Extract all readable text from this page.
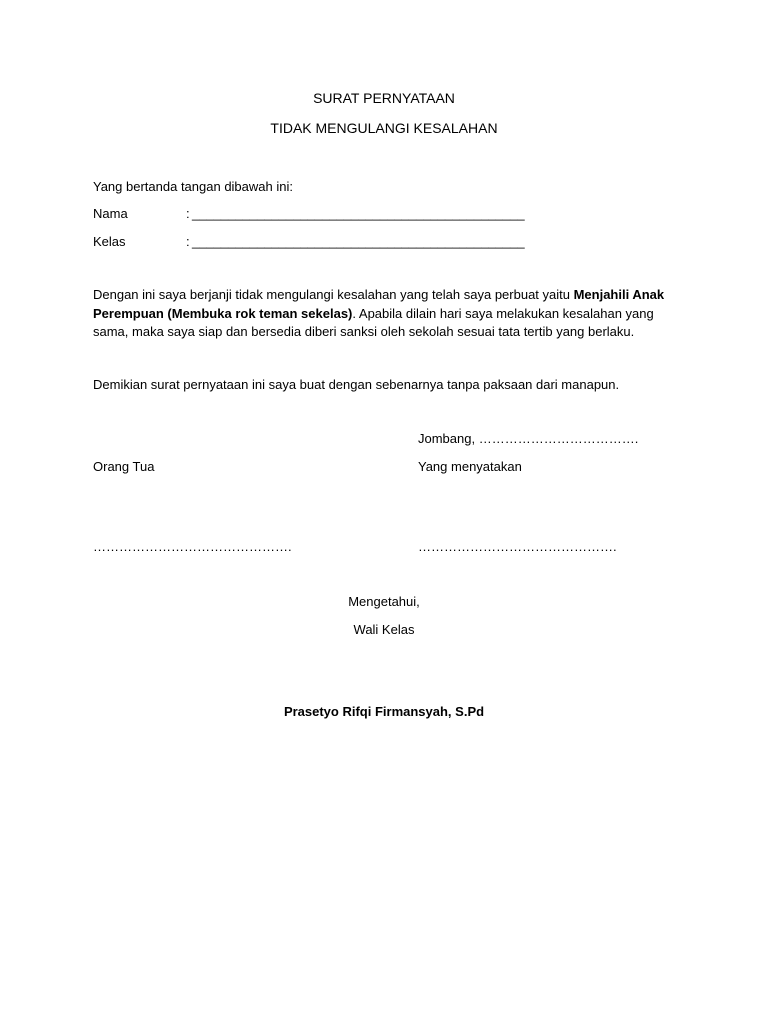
SURAT PERNYATAAN
TIDAK MENGULANGI KESALAHAN
Yang bertanda tangan dibawah ini:
Nama	: ______________________________________________
Kelas	: ______________________________________________
Dengan ini saya berjanji tidak mengulangi kesalahan yang telah saya perbuat yaitu Menjahili Anak Perempuan (Membuka rok teman sekelas). Apabila dilain hari saya melakukan kesalahan yang sama, maka saya siap dan bersedia diberi sanksi oleh sekolah sesuai tata tertib yang berlaku.
Demikian surat pernyataan ini saya buat dengan sebenarnya tanpa paksaan dari manapun.
Jombang, ……………………………….
Orang Tua	Yang menyatakan
……………………………………….	……………………………………….
Mengetahui,
Wali Kelas
Prasetyo Rifqi Firmansyah, S.Pd
